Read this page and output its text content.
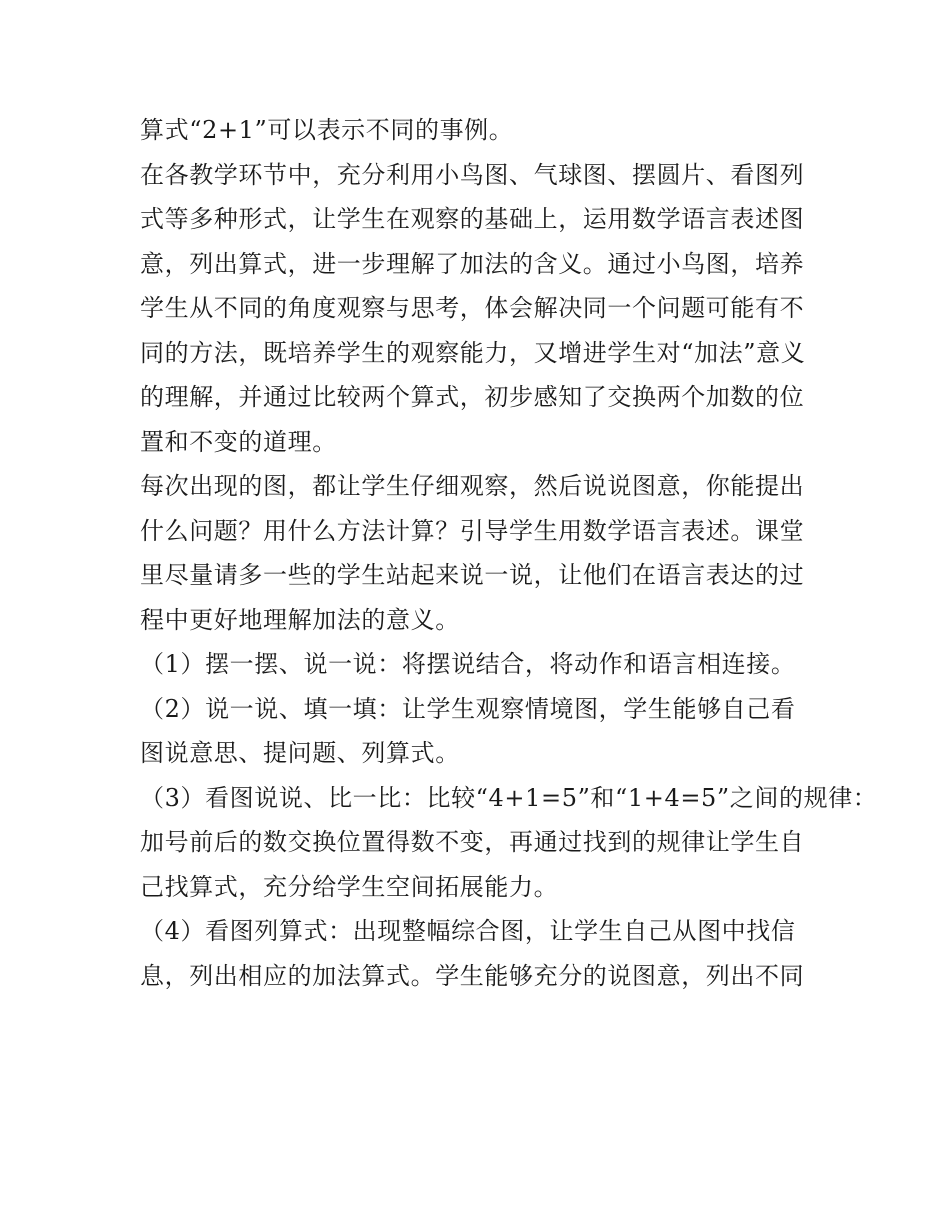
算式“2+1”可以表示不同的事例。
在各教学环节中，充分利用小鸟图、气球图、摆圆片、看图列
式等多种形式，让学生在观察的基础上，运用数学语言表述图
意，列出算式，进一步理解了加法的含义。通过小鸟图，培养
学生从不同的角度观察与思考，体会解决同一个问题可能有不
同的方法，既培养学生的观察能力，又增进学生对“加法”意义
的理解，并通过比较两个算式，初步感知了交换两个加数的位
置和不变的道理。
每次出现的图，都让学生仔细观察，然后说说图意，你能提出
什么问题？用什么方法计算？引导学生用数学语言表述。课堂
里尽量请多一些的学生站起来说一说，让他们在语言表达的过
程中更好地理解加法的意义。
（1）摆一摆、说一说：将摆说结合，将动作和语言相连接。
（2）说一说、填一填：让学生观察情境图，学生能够自己看
图说意思、提问题、列算式。
（3）看图说说、比一比：比较“4+1=5”和“1+4=5”之间的规律：
加号前后的数交换位置得数不变，再通过找到的规律让学生自
己找算式，充分给学生空间拓展能力。
（4）看图列算式：出现整幅综合图，让学生自己从图中找信
息，列出相应的加法算式。学生能够充分的说图意，列出不同
